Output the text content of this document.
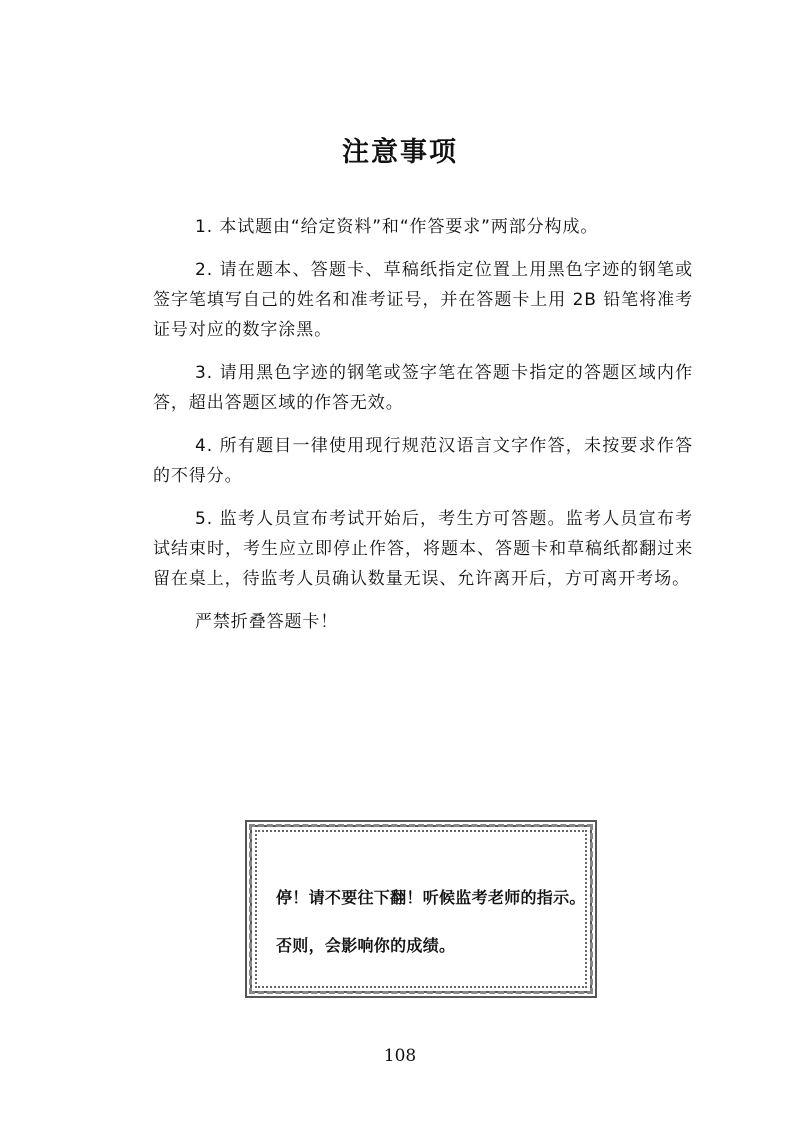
注意事项

1. 本试题由“给定资料”和“作答要求”两部分构成。

2. 请在题本、答题卡、草稿纸指定位置上用黑色字迹的钢笔或签字笔填写自己的姓名和准考证号，并在答题卡上用 2B 铅笔将准考证号对应的数字涂黑。

3. 请用黑色字迹的钢笔或签字笔在答题卡指定的答题区域内作答，超出答题区域的作答无效。

4. 所有题目一律使用现行规范汉语言文字作答，未按要求作答的不得分。

5. 监考人员宣布考试开始后，考生方可答题。监考人员宣布考试结束时，考生应立即停止作答，将题本、答题卡和草稿纸都翻过来留在桌上，待监考人员确认数量无误、允许离开后，方可离开考场。

严禁折叠答题卡！

停！请不要往下翻！听候监考老师的指示。
否则，会影响你的成绩。
108
